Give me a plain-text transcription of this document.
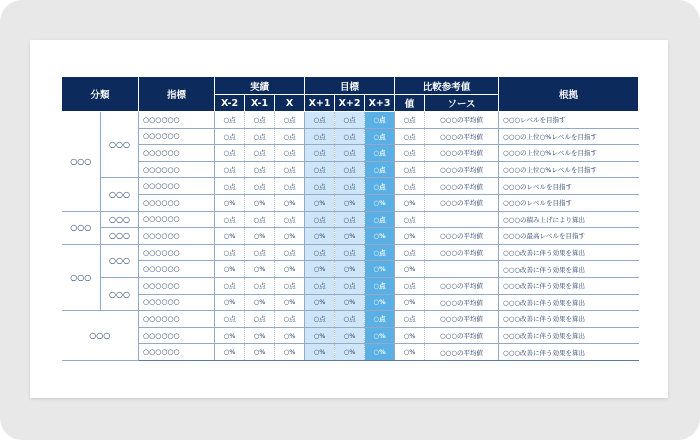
分類		指標	実績			目標			比較参考値		根拠
			X-2	X-1	X	X+1	X+2	X+3	値	ソース	
○○○	○○○	○○○○○○	○点	○点	○点	○点	○点	○点	○点	○○○の平均値	○○○レベルを目指す
		○○○○○○	○点	○点	○点	○点	○点	○点	○点	○○○の平均値	○○○の上位○%レベルを目指す
		○○○○○○	○点	○点	○点	○点	○点	○点	○点	○○○の平均値	○○○の上位○%レベルを目指す
		○○○○○○	○点	○点	○点	○点	○点	○点	○点	○○○の平均値	○○○の上位○%レベルを目指す
	○○○	○○○○○○	○点	○点	○点	○点	○点	○点	○点	○○○の平均値	○○○のレベルを目指す
		○○○○○○	○%	○%	○%	○%	○%	○%	○%	○○○の平均値	○○○のレベルを目指す
○○○	○○○	○○○○○○	○点	○点	○点	○点	○点	○点	○点		○○○の積み上げにより算出
	○○○	○○○○○○	○%	○%	○%	○%	○%	○%	○%	○○○の平均値	○○○の最高レベルを目指す
○○○	○○○	○○○○○○	○点	○点	○点	○点	○点	○点	○点	○○○の平均値	○○○改善に伴う効果を算出
		○○○○○○	○%	○%	○%	○%	○%	○%	○%		○○○改善に伴う効果を算出
	○○○	○○○○○○	○点	○点	○点	○点	○点	○点	○点	○○○の平均値	○○○改善に伴う効果を算出
		○○○○○○	○%	○%	○%	○%	○%	○%	○%	○○○の平均値	○○○改善に伴う効果を算出
○○○		○○○○○○	○点	○点	○点	○点	○点	○点	○点	○○○の平均値	○○○改善に伴う効果を算出
		○○○○○○	○%	○%	○%	○%	○%	○%	○%	○○○の平均値	○○○改善に伴う効果を算出
		○○○○○○	○%	○%	○%	○%	○%	○%	○%	○○○の平均値	○○○改善に伴う効果を算出
